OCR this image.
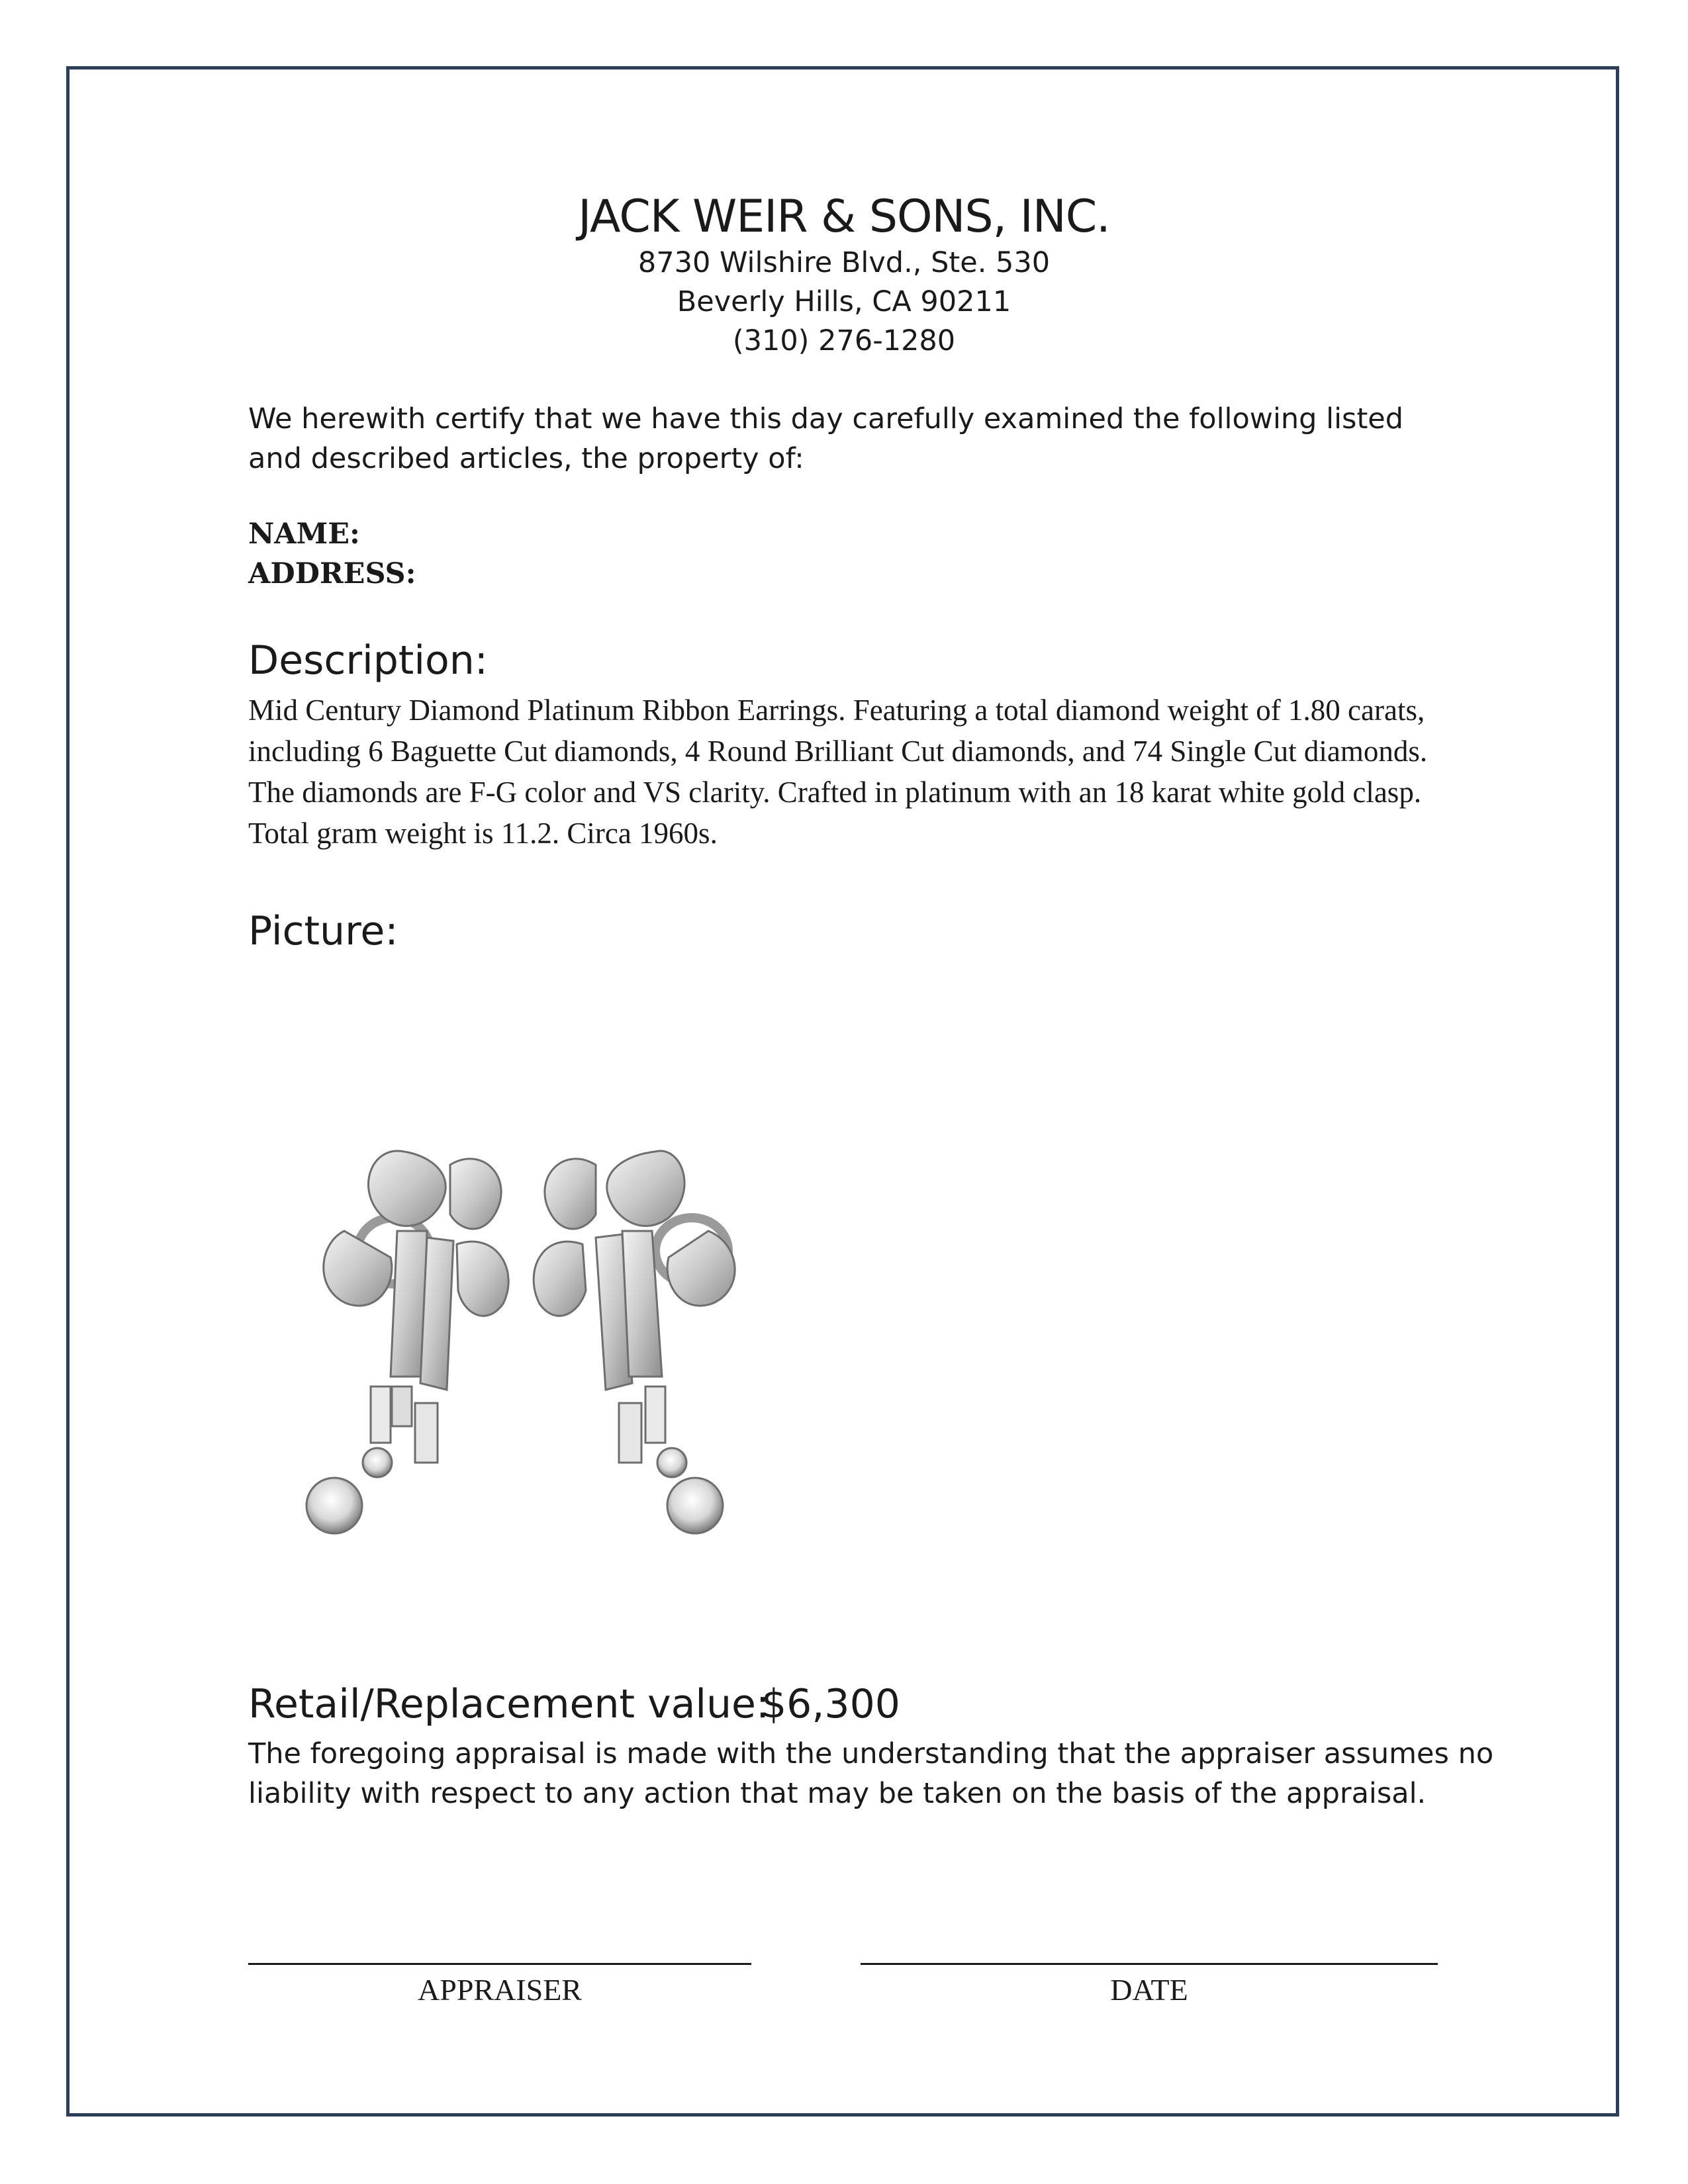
JACK WEIR & SONS, INC.
8730 Wilshire Blvd., Ste. 530
Beverly Hills, CA 90211
(310) 276-1280
We herewith certify that we have this day carefully examined the following listed and described articles, the property of:
NAME:
ADDRESS:
Description:
Mid Century Diamond Platinum Ribbon Earrings. Featuring a total diamond weight of 1.80 carats, including 6 Baguette Cut diamonds, 4 Round Brilliant Cut diamonds, and 74 Single Cut diamonds. The diamonds are F-G color and VS clarity. Crafted in platinum with an 18 karat white gold clasp. Total gram weight is 11.2. Circa 1960s.
Picture:
Retail/Replacement value:
$6,300
The foregoing appraisal is made with the understanding that the appraiser assumes no liability with respect to any action that may be taken on the basis of the appraisal.
APPRAISER	DATE
